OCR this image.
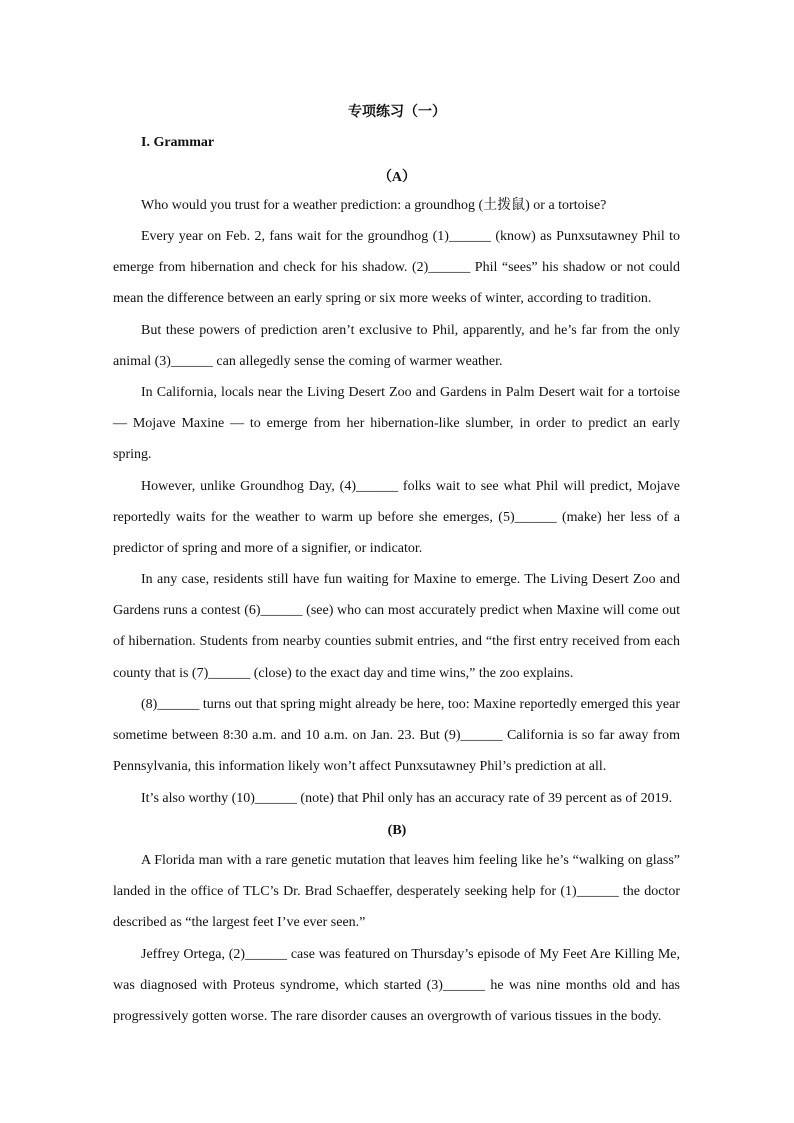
专项练习（一）
I. Grammar
（A）

Who would you trust for a weather prediction: a groundhog (土拨鼠) or a tortoise?

Every year on Feb. 2, fans wait for the groundhog (1)______ (know) as Punxsutawney Phil to emerge from hibernation and check for his shadow. (2)______ Phil “sees” his shadow or not could mean the difference between an early spring or six more weeks of winter, according to tradition.

But these powers of prediction aren’t exclusive to Phil, apparently, and he’s far from the only animal (3)______ can allegedly sense the coming of warmer weather.

In California, locals near the Living Desert Zoo and Gardens in Palm Desert wait for a tortoise — Mojave Maxine — to emerge from her hibernation-like slumber, in order to predict an early spring.

However, unlike Groundhog Day, (4)______ folks wait to see what Phil will predict, Mojave reportedly waits for the weather to warm up before she emerges, (5)______ (make) her less of a predictor of spring and more of a signifier, or indicator.

In any case, residents still have fun waiting for Maxine to emerge. The Living Desert Zoo and Gardens runs a contest (6)______ (see) who can most accurately predict when Maxine will come out of hibernation. Students from nearby counties submit entries, and “the first entry received from each county that is (7)______ (close) to the exact day and time wins,” the zoo explains.

(8)______ turns out that spring might already be here, too: Maxine reportedly emerged this year sometime between 8:30 a.m. and 10 a.m. on Jan. 23. But (9)______ California is so far away from Pennsylvania, this information likely won’t affect Punxsutawney Phil’s prediction at all.

It’s also worthy (10)______ (note) that Phil only has an accuracy rate of 39 percent as of 2019.

(B)

A Florida man with a rare genetic mutation that leaves him feeling like he’s “walking on glass” landed in the office of TLC’s Dr. Brad Schaeffer, desperately seeking help for (1)______ the doctor described as “the largest feet I’ve ever seen.”

Jeffrey Ortega, (2)______ case was featured on Thursday’s episode of My Feet Are Killing Me, was diagnosed with Proteus syndrome, which started (3)______ he was nine months old and has progressively gotten worse. The rare disorder causes an overgrowth of various tissues in the body.
